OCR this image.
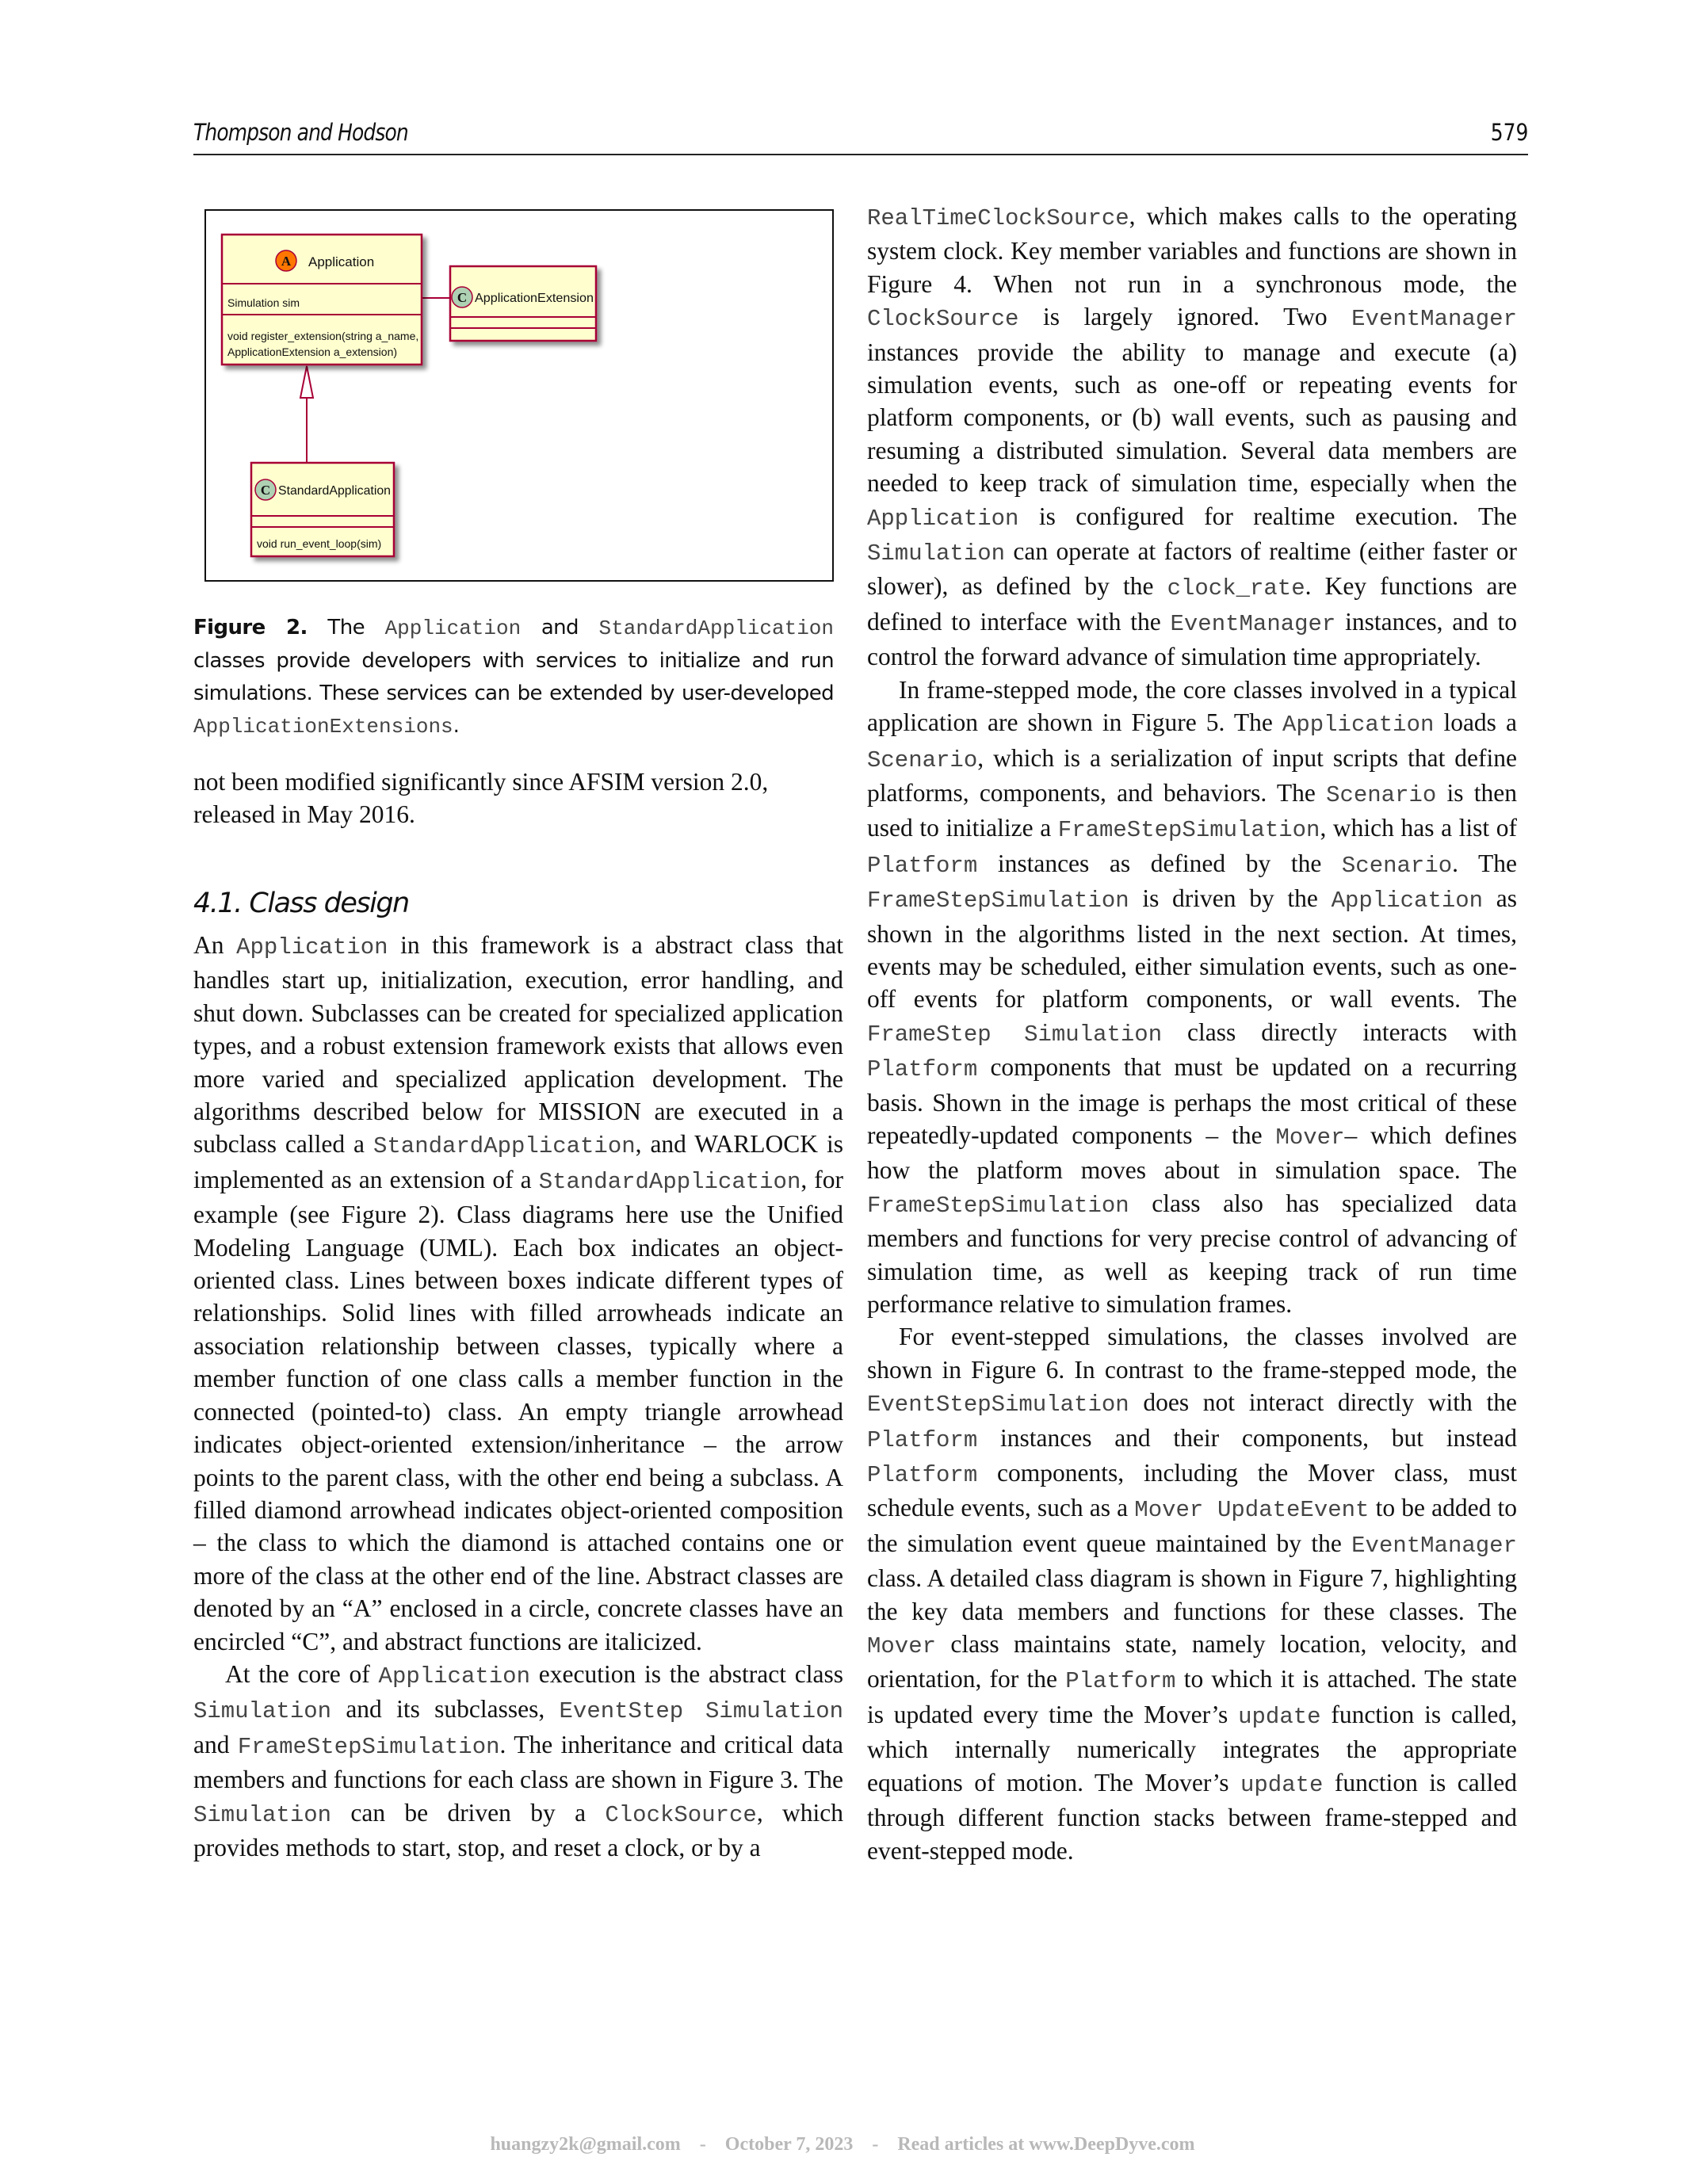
Thompson and Hodson	579
A Application
Simulation sim
void register_extension(string a_name,
ApplicationExtension a_extension)
C ApplicationExtension
C StandardApplication
void run_event_loop(sim)
Figure 2. The Application and StandardApplication classes provide developers with services to initialize and run simulations. These services can be extended by user-developed ApplicationExtensions.

not been modified significantly since AFSIM version 2.0, released in May 2016.

4.1. Class design

An Application in this framework is a abstract class that handles start up, initialization, execution, error handling, and shut down. Subclasses can be created for specialized application types, and a robust extension framework exists that allows even more varied and specialized application development. The algorithms described below for MISSION are executed in a subclass called a StandardApplication, and WARLOCK is implemented as an extension of a StandardApplication, for example (see Figure 2). Class diagrams here use the Unified Modeling Language (UML). Each box indicates an object-oriented class. Lines between boxes indicate different types of relationships. Solid lines with filled arrowheads indicate an association relationship between classes, typically where a member function of one class calls a member function in the connected (pointed-to) class. An empty triangle arrowhead indicates object-oriented extension/inheritance – the arrow points to the parent class, with the other end being a subclass. A filled diamond arrowhead indicates object-oriented composition – the class to which the diamond is attached contains one or more of the class at the other end of the line. Abstract classes are denoted by an “A” enclosed in a circle, concrete classes have an encircled “C”, and abstract functions are italicized.

At the core of Application execution is the abstract class Simulation and its subclasses, EventStep Simulation and FrameStepSimulation. The inheritance and critical data members and functions for each class are shown in Figure 3. The Simulation can be driven by a ClockSource, which provides methods to start, stop, and reset a clock, or by a

RealTimeClockSource, which makes calls to the operating system clock. Key member variables and functions are shown in Figure 4. When not run in a synchronous mode, the ClockSource is largely ignored. Two EventManager instances provide the ability to manage and execute (a) simulation events, such as one-off or repeating events for platform components, or (b) wall events, such as pausing and resuming a distributed simulation. Several data members are needed to keep track of simulation time, especially when the Application is configured for realtime execution. The Simulation can operate at factors of realtime (either faster or slower), as defined by the clock_rate. Key functions are defined to interface with the EventManager instances, and to control the forward advance of simulation time appropriately.

In frame-stepped mode, the core classes involved in a typical application are shown in Figure 5. The Application loads a Scenario, which is a serialization of input scripts that define platforms, components, and behaviors. The Scenario is then used to initialize a FrameStepSimulation, which has a list of Platform instances as defined by the Scenario. The FrameStepSimulation is driven by the Application as shown in the algorithms listed in the next section. At times, events may be scheduled, either simulation events, such as one-off events for platform components, or wall events. The FrameStep Simulation class directly interacts with Platform components that must be updated on a recurring basis. Shown in the image is perhaps the most critical of these repeatedly-updated components – the Mover– which defines how the platform moves about in simulation space. The FrameStepSimulation class also has specialized data members and functions for very precise control of advancing of simulation time, as well as keeping track of run time performance relative to simulation frames.

For event-stepped simulations, the classes involved are shown in Figure 6. In contrast to the frame-stepped mode, the EventStepSimulation does not interact directly with the Platform instances and their components, but instead Platform components, including the Mover class, must schedule events, such as a Mover UpdateEvent to be added to the simulation event queue maintained by the EventManager class. A detailed class diagram is shown in Figure 7, highlighting the key data members and functions for these classes. The Mover class maintains state, namely location, velocity, and orientation, for the Platform to which it is attached. The state is updated every time the Mover’s update function is called, which internally numerically integrates the appropriate equations of motion. The Mover’s update function is called through different function stacks between frame-stepped and event-stepped mode.

huangzy2k@gmail.com - October 7, 2023 - Read articles at www.DeepDyve.com
